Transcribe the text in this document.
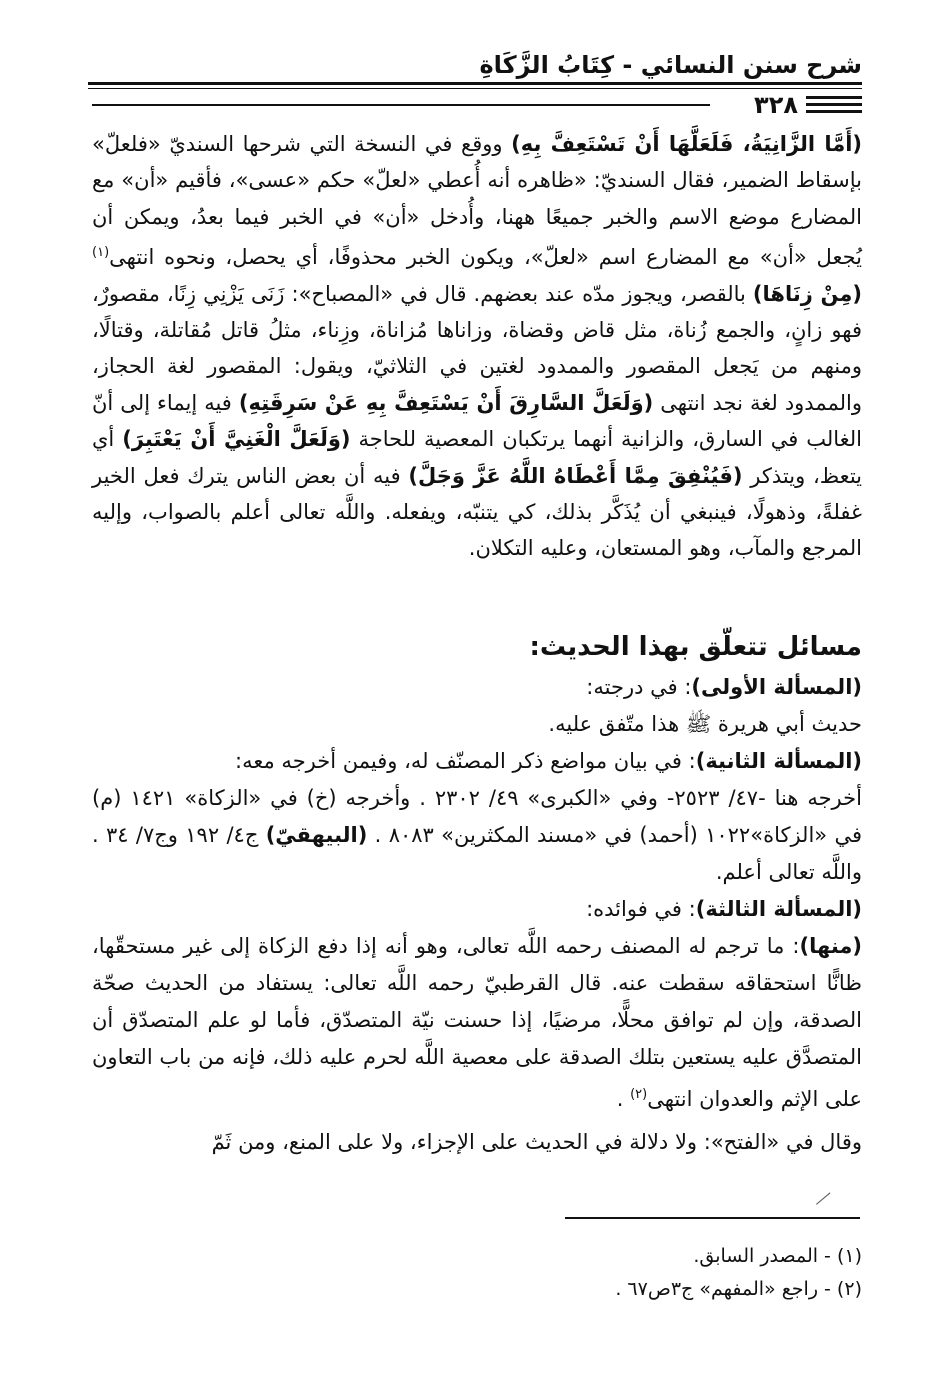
شرح سنن النسائي - كِتَابُ الزَّكَاةِ
٣٢٨

(أَمَّا الزَّانِيَةُ، فَلَعَلَّهَا أَنْ تَسْتَعِفَّ بِهِ) ووقع في النسخة التي شرحها السنديّ «فلعلّ» بإسقاط الضمير، فقال السنديّ: «ظاهره أنه أُعطي «لعلّ» حكم «عسى»، فأقيم «أن» مع المضارع موضع الاسم والخبر جميعًا ههنا، وأُدخل «أن» في الخبر فيما بعدُ، ويمكن أن يُجعل «أن» مع المضارع اسم «لعلّ»، ويكون الخبر محذوفًا، أي يحصل، ونحوه انتهى$^{(١)}$ (مِنْ زِنَاهَا) بالقصر، ويجوز مدّه عند بعضهم. قال في «المصباح»: زَنَى يَزْنِي زِنًا، مقصورٌ، فهو زانٍ، والجمع زُناة، مثل قاض وقضاة، وزاناها مُزاناة، وزِناء، مثلُ قاتل مُقاتلة، وقتالًا، ومنهم من يَجعل المقصور والممدود لغتين في الثلاثيّ، ويقول: المقصور لغة الحجاز، والممدود لغة نجد انتهى (وَلَعَلَّ السَّارِقَ أَنْ يَسْتَعِفَّ بِهِ عَنْ سَرِقَتِهِ) فيه إيماء إلى أنّ الغالب في السارق، والزانية أنهما يرتكبان المعصية للحاجة (وَلَعَلَّ الْغَنِيَّ أَنْ يَعْتَبِرَ) أي يتعظ، ويتذكر (فَيُنْفِقَ مِمَّا أَعْطَاهُ اللَّهُ عَزَّ وَجَلَّ) فيه أن بعض الناس يترك فعل الخير غفلةً، وذهولًا، فينبغي أن يُذَكَّر بذلك، كي يتنبّه، ويفعله. واللَّه تعالى أعلم بالصواب، وإليه المرجع والمآب، وهو المستعان، وعليه التكلان.

مسائل تتعلّق بهذا الحديث:

(المسألة الأولى): في درجته:

حديث أبي هريرة ﷺ هذا متّفق عليه.

(المسألة الثانية): في بيان مواضع ذكر المصنّف له، وفيمن أخرجه معه:

أخرجه هنا -٤٧/ ٢٥٢٣- وفي «الكبرى» ٤٩/ ٢٣٠٢ . وأخرجه (خ) في «الزكاة» ١٤٢١ (م) في «الزكاة»١٠٢٢ (أحمد) في «مسند المكثرين» ٨٠٨٣ . (البيهقيّ) ج٤/ ١٩٢ وج٧/ ٣٤ . واللَّه تعالى أعلم.

(المسألة الثالثة): في فوائده:

(منها): ما ترجم له المصنف رحمه اللَّه تعالى، وهو أنه إذا دفع الزكاة إلى غير مستحقّها، ظانًّا استحقاقه سقطت عنه. قال القرطبيّ رحمه اللَّه تعالى: يستفاد من الحديث صحّة الصدقة، وإن لم توافق محلًّا، مرضيًا، إذا حسنت نيّة المتصدّق، فأما لو علم المتصدّق أن المتصدَّق عليه يستعين بتلك الصدقة على معصية اللَّه لحرم عليه ذلك، فإنه من باب التعاون على الإثم والعدوان انتهى$^{(٢)}$ .

وقال في «الفتح»: ولا دلالة في الحديث على الإجزاء، ولا على المنع، ومن ثَمّ

(١) - المصدر السابق.

(٢) - راجع «المفهم» ج٣ص٦٧ .
